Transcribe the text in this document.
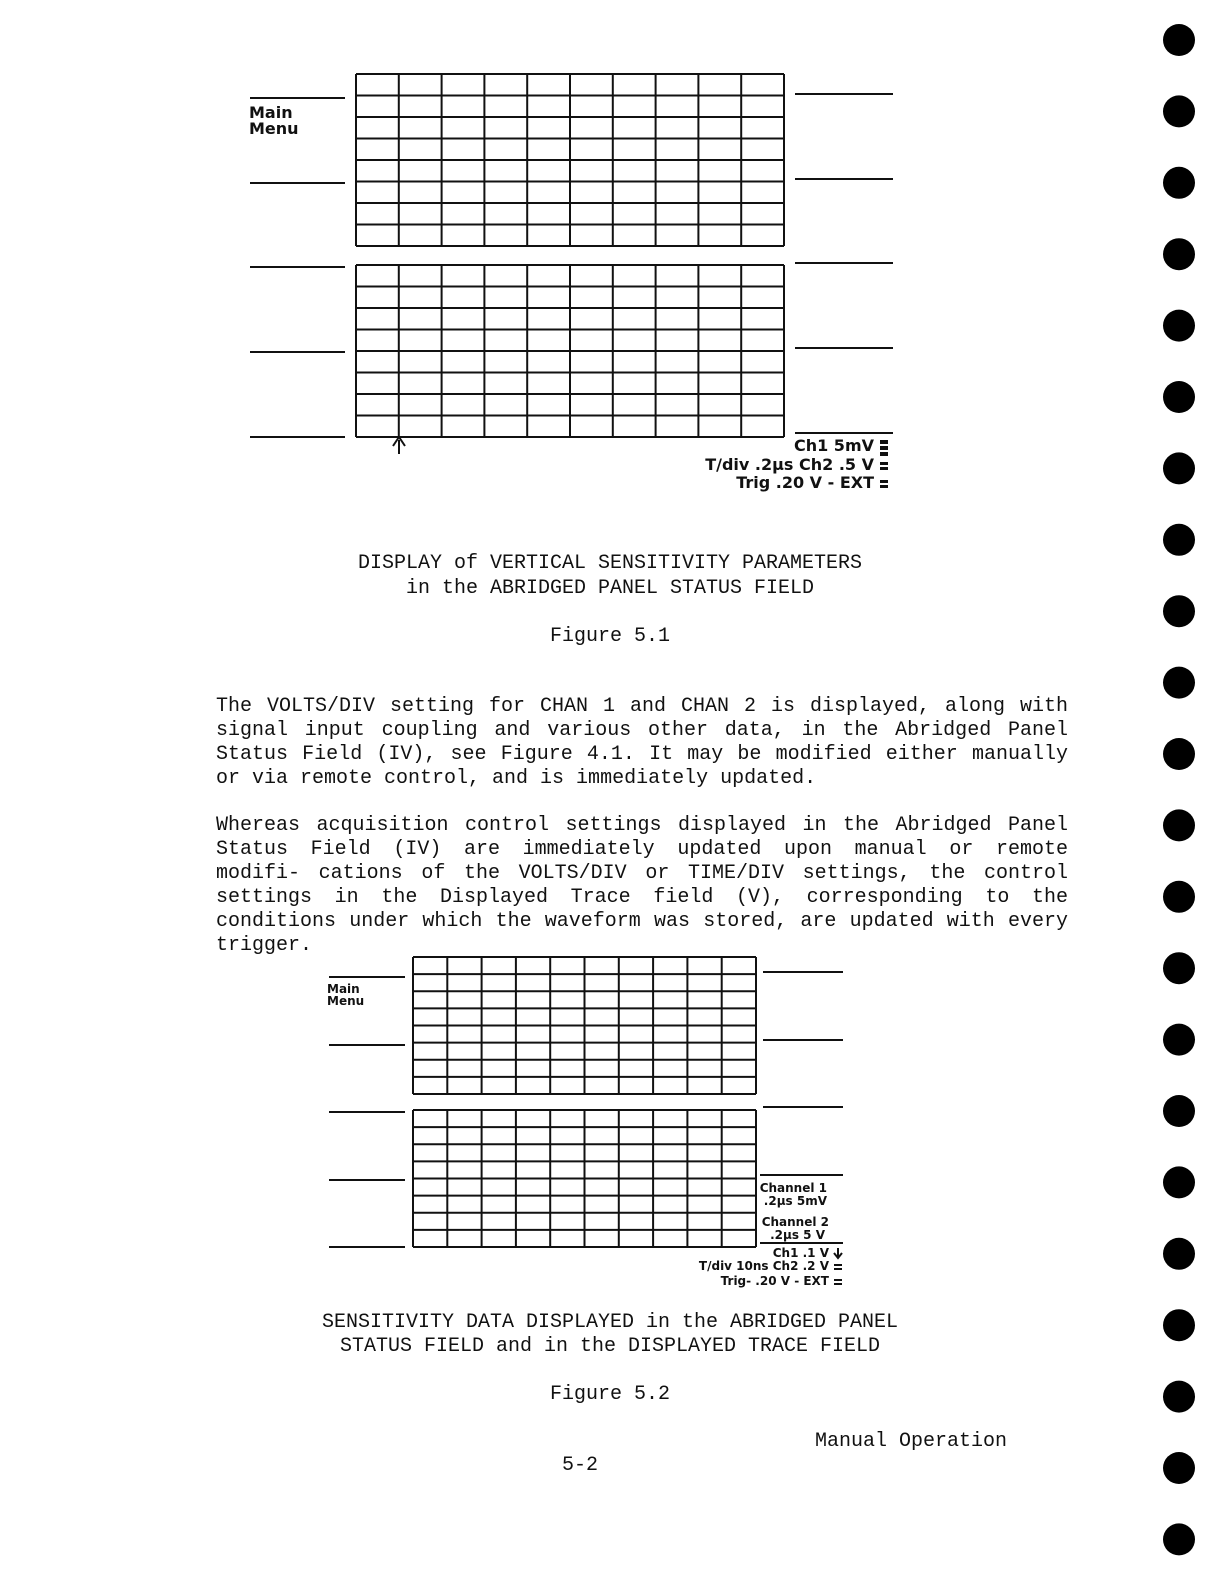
Main
Menu
Ch1 5mV
T/div .2µs Ch2 .5 V
Trig .20 V - EXT
Main
Menu
Channel 1
.2µs 5mV
Channel 2
.2µs 5 V
Ch1 .1 V
T/div 10ns Ch2 .2 V
Trig- .20 V - EXT
DISPLAY of VERTICAL SENSITIVITY PARAMETERS
in the ABRIDGED PANEL STATUS FIELD
Figure 5.1

The VOLTS/DIV setting for CHAN 1 and CHAN 2 is displayed, along with signal input coupling and various other data, in the Abridged Panel Status Field (IV), see Figure 4.1. It may be modified either manually or via remote control, and is immediately updated.

Whereas acquisition control settings displayed in the Abridged Panel Status Field (IV) are immediately updated upon manual or remote modifi- cations of the VOLTS/DIV or TIME/DIV settings, the control settings in the Displayed Trace field (V), corresponding to the conditions under which the waveform was stored, are updated with every trigger.

SENSITIVITY DATA DISPLAYED in the ABRIDGED PANEL
STATUS FIELD and in the DISPLAYED TRACE FIELD
Figure 5.2
Manual Operation
5-2
